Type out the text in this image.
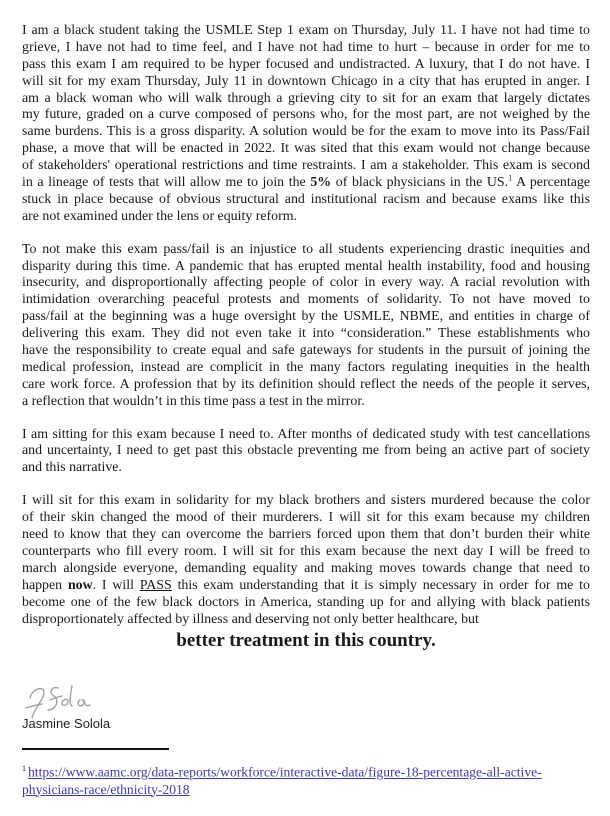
I am a black student taking the USMLE Step 1 exam on Thursday, July 11. I have not had time to
grieve, I have not had to time feel, and I have not had time to hurt – because in order for me to
pass this exam I am required to be hyper focused and undistracted. A luxury, that I do not have. I
will sit for my exam Thursday, July 11 in downtown Chicago in a city that has erupted in anger. I
am a black woman who will walk through a grieving city to sit for an exam that largely dictates
my future, graded on a curve composed of persons who, for the most part, are not weighed by the
same burdens. This is a gross disparity. A solution would be for the exam to move into its Pass/Fail
phase, a move that will be enacted in 2022. It was sited that this exam would not change because
of stakeholders' operational restrictions and time restraints. I am a stakeholder. This exam is second
in a lineage of tests that will allow me to join the 5% of black physicians in the US.$^1$ A percentage
stuck in place because of obvious structural and institutional racism and because exams like this
are not examined under the lens or equity reform.
To not make this exam pass/fail is an injustice to all students experiencing drastic inequities and
disparity during this time. A pandemic that has erupted mental health instability, food and housing
insecurity, and disproportionally affecting people of color in every way. A racial revolution with
intimidation overarching peaceful protests and moments of solidarity. To not have moved to
pass/fail at the beginning was a huge oversight by the USMLE, NBME, and entities in charge of
delivering this exam. They did not even take it into “consideration.” These establishments who
have the responsibility to create equal and safe gateways for students in the pursuit of joining the
medical profession, instead are complicit in the many factors regulating inequities in the health
care work force. A profession that by its definition should reflect the needs of the people it serves,
a reflection that wouldn’t in this time pass a test in the mirror.
I am sitting for this exam because I need to. After months of dedicated study with test cancellations
and uncertainty, I need to get past this obstacle preventing me from being an active part of society
and this narrative.
I will sit for this exam in solidarity for my black brothers and sisters murdered because the color
of their skin changed the mood of their murderers. I will sit for this exam because my children
need to know that they can overcome the barriers forced upon them that don’t burden their white
counterparts who fill every room. I will sit for this exam because the next day I will be freed to
march alongside everyone, demanding equality and making moves towards change that need to
happen now. I will PASS this exam understanding that it is simply necessary in order for me to
become one of the few black doctors in America, standing up for and allying with black patients
disproportionately affected by illness and deserving not only better healthcare, but
better treatment in this country.
Jasmine Solola
$^1$ https://www.aamc.org/data-reports/workforce/interactive-data/figure-18-percentage-all-active-physicians-race/ethnicity-2018
